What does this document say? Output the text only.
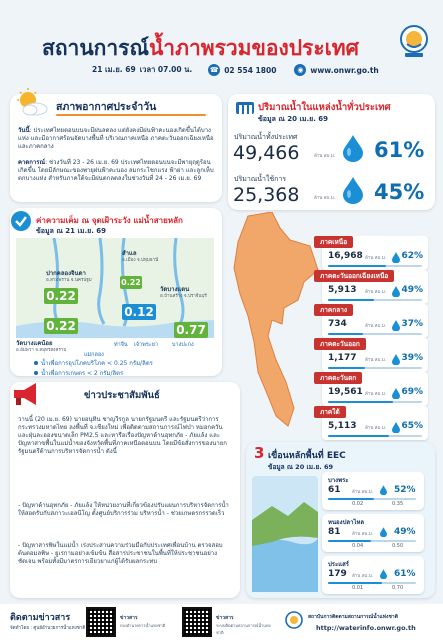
สถานการณ์น้ำภาพรวมของประเทศ
21 เม.ย. 69 เวลา 07.00 น.	☎ 02 554 1800	◉ www.onwr.go.th
สภาพอากาศประจำวัน
วันนี้: ประเทศไทยตอนบนจะมีฝนลดลง แต่ยังคงมีฝนฟ้าคะนองเกิดขึ้นได้บางแห่ง และมีอากาศร้อนจัดบางพื้นที่ บริเวณภาคเหนือ ภาคตะวันออกเฉียงเหนือ และภาคกลาง
คาดการณ์: ช่วงวันที่ 23 - 26 เม.ย. 69 ประเทศไทยตอนบนจะมีพายุฤดูร้อนเกิดขึ้น โดยมีลักษณะของพายุฝนฟ้าคะนอง ลมกระโชกแรง ฟ้าผ่า และลูกเห็บตกบางแห่ง สำหรับภาคใต้จะมีฝนตกลดลงในช่วงวันที่ 24 - 26 เม.ย. 69
ปริมาณน้ำในแหล่งน้ำทั่วประเทศ
ข้อมูล ณ 20 เม.ย. 69
ปริมาณน้ำทั้งประเทศ
49,466	ล้าน ลบ.ม. 61%
ปริมาณน้ำใช้การ
25,368	ล้าน ลบ.ม. 45%
ค่าความเค็ม ณ จุดเฝ้าระวัง แม่น้ำสายหลัก
ข้อมูล ณ 21 เม.ย. 69
0.22
สำแล
อ.เมือง จ.ปทุมธานี
0.22
ปากคลองจินดา
อ.สามพราน จ.นครปฐม
0.12
วัดบางแตน
อ.บ้านสร้าง จ.ปราจีนบุรี
0.77
0.22
วัดบางแคน้อย
อ.อัมพวา จ.สมุทรสงคราม
แม่กลอง
ท่าจีน เจ้าพระยา	บางปะกง
น้ำเพื่อการอุปโภคบริโภค < 0.25 กรัม/ลิตร
น้ำเพื่อการเกษตร < 2 กรัม/ลิตร
ภาคเหนือ
16,968 ล้าน ลบ.ม. 62%
ภาคตะวันออกเฉียงเหนือ
5,913 ล้าน ลบ.ม. 49%
ภาคกลาง
734	ล้าน ลบ.ม. 37%
ภาคตะวันออก
1,177 ล้าน ลบ.ม. 39%
ภาคตะวันตก
19,561 ล้าน ลบ.ม. 69%
ภาคใต้
5,113 ล้าน ลบ.ม. 65%
ข่าวประชาสัมพันธ์
วานนี้ (20 เม.ย. 69) นายอนุทิน ชาญวีรกูล นายกรัฐมนตรี และรัฐมนตรีว่าการกระทรวงมหาดไทย ลงพื้นที่ จ.เชียงใหม่ เพื่อติดตามสถานการณ์ไฟป่า หมอกควัน และฝุ่นละอองขนาดเล็ก PM2.5 และหารือเรื่องปัญหาด้านอุทกภัย - ภัยแล้ง และปัญหาสาขพื้นในแม่น้ำของจังหวัดพื้นที่ภาคเหนือตอนบน โดยมีข้อสั่งการของนายกรัฐมนตรีด้านการบริหารจัดการน้ำ ดังนี้
- ปัญหาด้านอุทกภัย - ภัยแล้ง ให้หน่วยงานที่เกี่ยวข้องปรับแผนการบริหารจัดการน้ำให้สอดรับกับสภาวะเอลนีโญ ตั้งศูนย์บริการร่วม บริหารน้ำ - ช่วยเกษตรกรรวดเร็ว
- ปัญหาสารพิษในแม่น้ำ เร่งประสานความร่วมมือกับประเทศเพื่อนบ้าน ตรวจสอบต้นตอมลพิษ - ยูเรกามอย่างเข้มข้น สื่อสารประชาชนในพื้นที่ให้ประชาชนอย่างชัดเจน พร้อมทั้งมีมาตรการเยียวยาแก่ผู้ได้รับผลกระทบ
3 เขื่อนหลักพื้นที่ EEC
ข้อมูล ณ 20 เม.ย. 69
บางพระ
61	ล้าน ลบ.ม. 52%
0.02	0.35
หนองปลาไหล
81	ล้าน ลบ.ม. 49%
0.04	0.50
ประแสร์
179 ล้าน ลบ.ม. 61%
0.01	0.70
ติดตามข่าวสาร
จัดทำโดย : ศูนย์อำนวยการน้ำแห่งชาติ
ข่าวสาร
กองอำนวยการน้ำแห่งชาติ
ข่าวสาร
ระบบติดตามสถานการณ์น้ำแห่งชาติ
สถาบันการติดตามสถานการณ์น้ำแห่งชาติ
http://waterinfo.onwr.go.th
